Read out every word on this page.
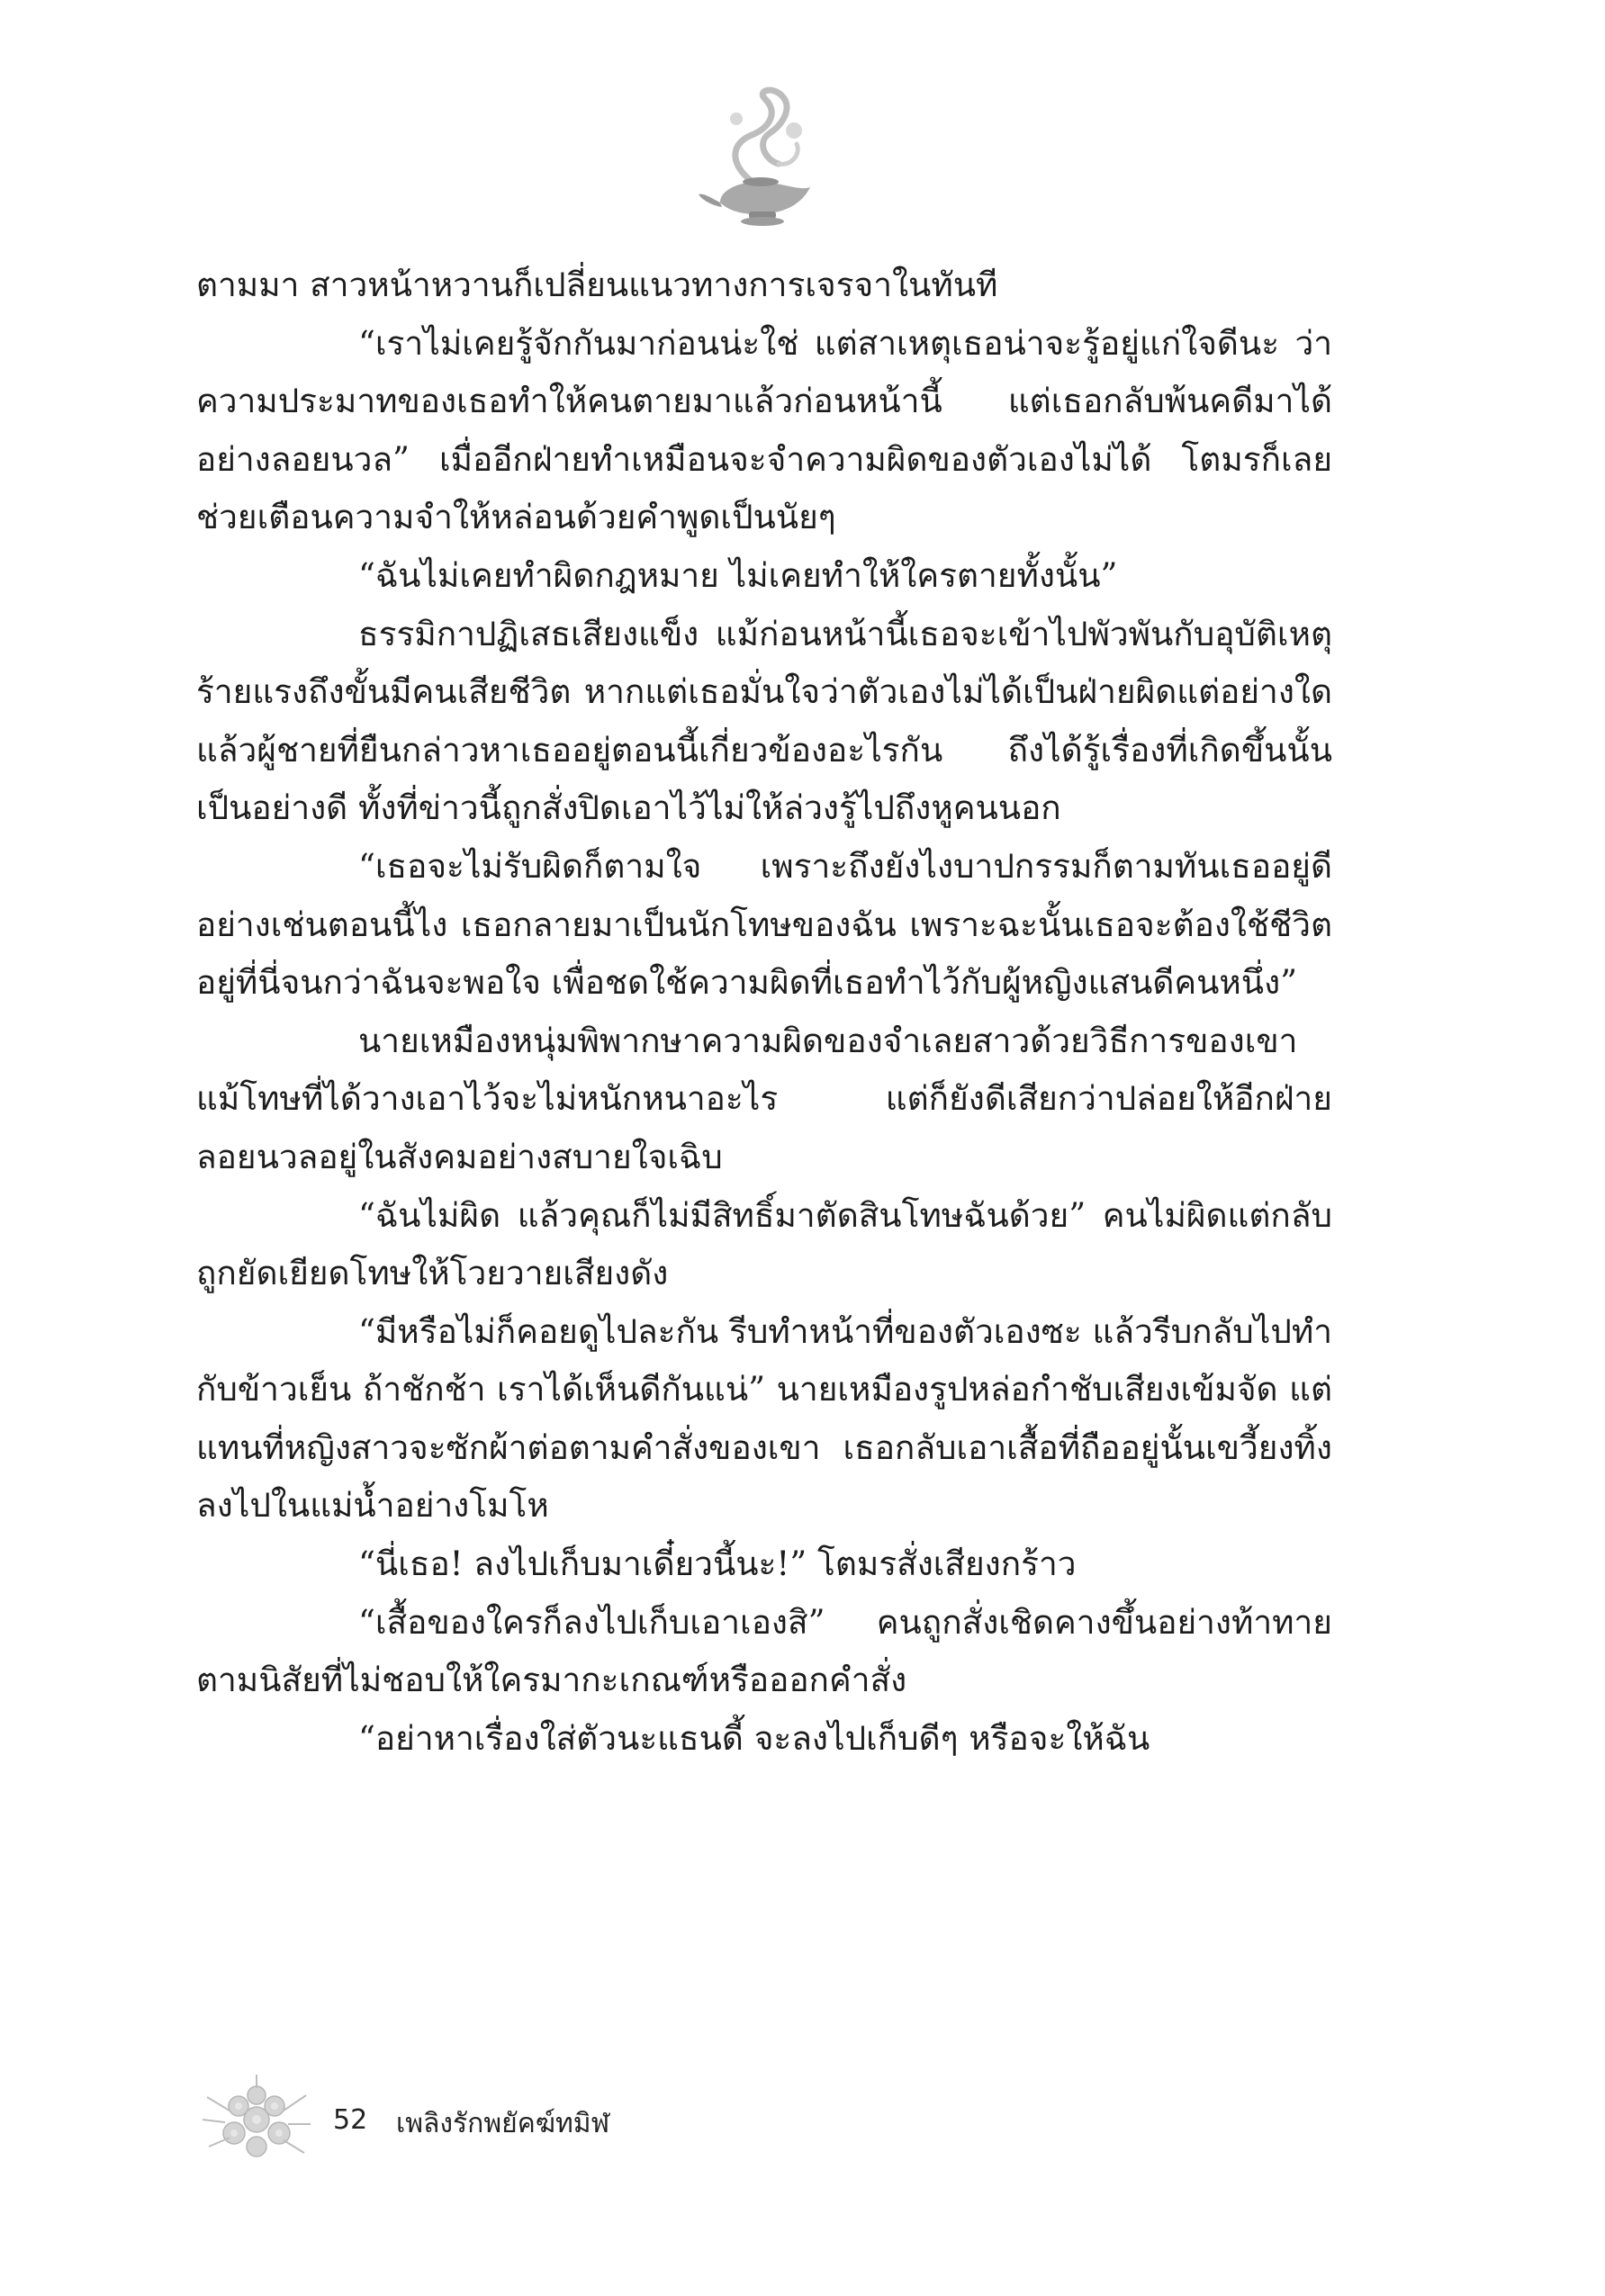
ตามมา สาวหน้าหวานก็เปลี่ยนแนวทางการเจรจาในทันที

“เราไม่เคยรู้จักกันมาก่อนน่ะใช่ แต่สาเหตุเธอน่าจะรู้อยู่แก่ใจดีนะ ว่าความประมาทของเธอทำให้คนตายมาแล้วก่อนหน้านี้ แต่เธอกลับพ้นคดีมาได้อย่างลอยนวล” เมื่ออีกฝ่ายทำเหมือนจะจำความผิดของตัวเองไม่ได้ โตมรก็เลยช่วยเตือนความจำให้หล่อนด้วยคำพูดเป็นนัยๆ

“ฉันไม่เคยทำผิดกฎหมาย ไม่เคยทำให้ใครตายทั้งนั้น”

ธรรมิกาปฏิเสธเสียงแข็ง แม้ก่อนหน้านี้เธอจะเข้าไปพัวพันกับอุบัติเหตุร้ายแรงถึงขั้นมีคนเสียชีวิต หากแต่เธอมั่นใจว่าตัวเองไม่ได้เป็นฝ่ายผิดแต่อย่างใด แล้วผู้ชายที่ยืนกล่าวหาเธออยู่ตอนนี้เกี่ยวข้องอะไรกัน ถึงได้รู้เรื่องที่เกิดขึ้นนั้นเป็นอย่างดี ทั้งที่ข่าวนี้ถูกสั่งปิดเอาไว้ไม่ให้ล่วงรู้ไปถึงหูคนนอก

“เธอจะไม่รับผิดก็ตามใจ เพราะถึงยังไงบาปกรรมก็ตามทันเธออยู่ดี อย่างเช่นตอนนี้ไง เธอกลายมาเป็นนักโทษของฉัน เพราะฉะนั้นเธอจะต้องใช้ชีวิตอยู่ที่นี่จนกว่าฉันจะพอใจ เพื่อชดใช้ความผิดที่เธอทำไว้กับผู้หญิงแสนดีคนหนึ่ง”

นายเหมืองหนุ่มพิพากษาความผิดของจำเลยสาวด้วยวิธีการของเขา แม้โทษที่ได้วางเอาไว้จะไม่หนักหนาอะไร แต่ก็ยังดีเสียกว่าปล่อยให้อีกฝ่ายลอยนวลอยู่ในสังคมอย่างสบายใจเฉิบ

“ฉันไม่ผิด แล้วคุณก็ไม่มีสิทธิ์มาตัดสินโทษฉันด้วย” คนไม่ผิดแต่กลับถูกยัดเยียดโทษให้โวยวายเสียงดัง

“มีหรือไม่ก็คอยดูไปละกัน รีบทำหน้าที่ของตัวเองซะ แล้วรีบกลับไปทำกับข้าวเย็น ถ้าชักช้า เราได้เห็นดีกันแน่” นายเหมืองรูปหล่อกำชับเสียงเข้มจัด แต่แทนที่หญิงสาวจะซักผ้าต่อตามคำสั่งของเขา เธอกลับเอาเสื้อที่ถืออยู่นั้นเขวี้ยงทิ้งลงไปในแม่น้ำอย่างโมโห

“นี่เธอ! ลงไปเก็บมาเดี๋ยวนี้นะ!” โตมรสั่งเสียงกร้าว

“เสื้อของใครก็ลงไปเก็บเอาเองสิ” คนถูกสั่งเชิดคางขึ้นอย่างท้าทายตามนิสัยที่ไม่ชอบให้ใครมากะเกณฑ์หรือออกคำสั่ง

“อย่าหาเรื่องใส่ตัวนะแธนดี้ จะลงไปเก็บดีๆ หรือจะให้ฉัน

52 เพลิงรักพยัคฆ์ทมิฬ
